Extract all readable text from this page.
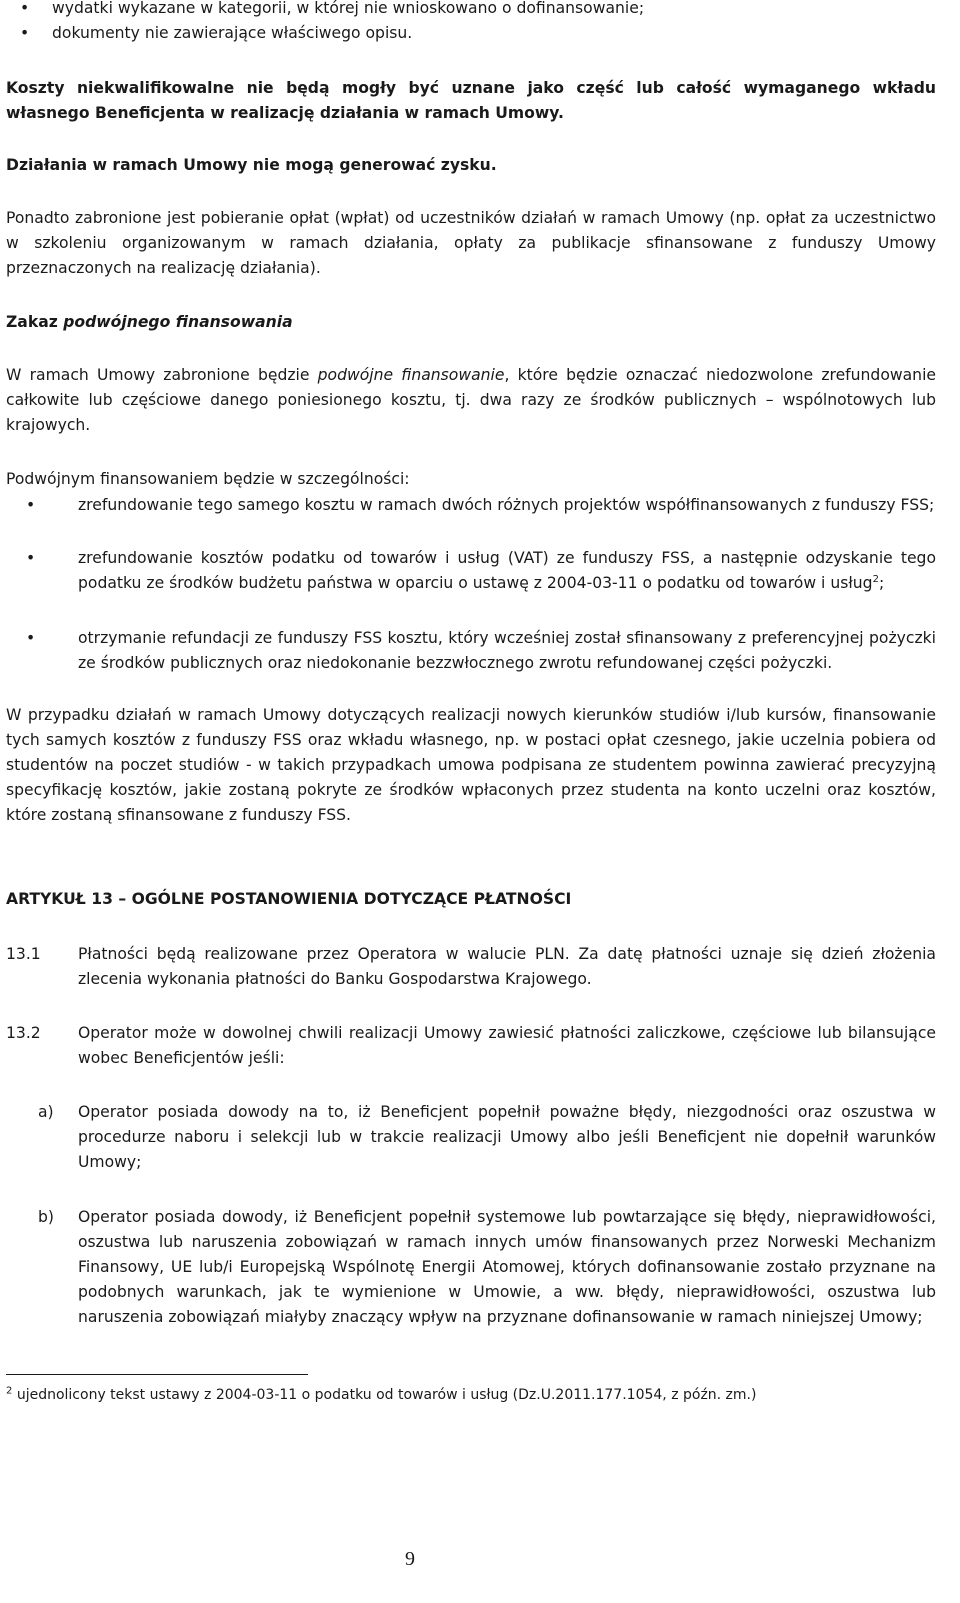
• wydatki wykazane w kategorii, w której nie wnioskowano o dofinansowanie;
• dokumenty nie zawierające właściwego opisu.
Koszty niekwalifikowalne nie będą mogły być uznane jako część lub całość wymaganego wkładu własnego Beneficjenta w realizację działania w ramach Umowy.
Działania w ramach Umowy nie mogą generować zysku.
Ponadto zabronione jest pobieranie opłat (wpłat) od uczestników działań w ramach Umowy (np. opłat za uczestnictwo w szkoleniu organizowanym w ramach działania, opłaty za publikacje sfinansowane z funduszy Umowy przeznaczonych na realizację działania).
Zakaz podwójnego finansowania
W ramach Umowy zabronione będzie podwójne finansowanie, które będzie oznaczać niedozwolone zrefundowanie całkowite lub częściowe danego poniesionego kosztu, tj. dwa razy ze środków publicznych – wspólnotowych lub krajowych.
Podwójnym finansowaniem będzie w szczególności:
•	zrefundowanie tego samego kosztu w ramach dwóch różnych projektów współfinansowanych z funduszy FSS;
•	zrefundowanie kosztów podatku od towarów i usług (VAT) ze funduszy FSS, a następnie odzyskanie tego podatku ze środków budżetu państwa w oparciu o ustawę z 2004-03-11 o podatku od towarów i usług$^2$;
•	otrzymanie refundacji ze funduszy FSS kosztu, który wcześniej został sfinansowany z preferencyjnej pożyczki ze środków publicznych oraz niedokonanie bezzwłocznego zwrotu refundowanej części pożyczki.
W przypadku działań w ramach Umowy dotyczących realizacji nowych kierunków studiów i/lub kursów, finansowanie tych samych kosztów z funduszy FSS oraz wkładu własnego, np. w postaci opłat czesnego, jakie uczelnia pobiera od studentów na poczet studiów - w takich przypadkach umowa podpisana ze studentem powinna zawierać precyzyjną specyfikację kosztów, jakie zostaną pokryte ze środków wpłaconych przez studenta na konto uczelni oraz kosztów, które zostaną sfinansowane z funduszy FSS.
ARTYKUŁ 13 – OGÓLNE POSTANOWIENIA DOTYCZĄCE PŁATNOŚCI
13.1 Płatności będą realizowane przez Operatora w walucie PLN. Za datę płatności uznaje się dzień złożenia zlecenia wykonania płatności do Banku Gospodarstwa Krajowego.
13.2 Operator może w dowolnej chwili realizacji Umowy zawiesić płatności zaliczkowe, częściowe lub bilansujące wobec Beneficjentów jeśli:
a) Operator posiada dowody na to, iż Beneficjent popełnił poważne błędy, niezgodności oraz oszustwa w procedurze naboru i selekcji lub w trakcie realizacji Umowy albo jeśli Beneficjent nie dopełnił warunków Umowy;
b) Operator posiada dowody, iż Beneficjent popełnił systemowe lub powtarzające się błędy, nieprawidłowości, oszustwa lub naruszenia zobowiązań w ramach innych umów finansowanych przez Norweski Mechanizm Finansowy, UE lub/i Europejską Wspólnotę Energii Atomowej, których dofinansowanie zostało przyznane na podobnych warunkach, jak te wymienione w Umowie, a ww. błędy, nieprawidłowości, oszustwa lub naruszenia zobowiązań miałyby znaczący wpływ na przyznane dofinansowanie w ramach niniejszej Umowy;
$^2$ ujednolicony tekst ustawy z 2004-03-11 o podatku od towarów i usług (Dz.U.2011.177.1054, z późn. zm.)
9
